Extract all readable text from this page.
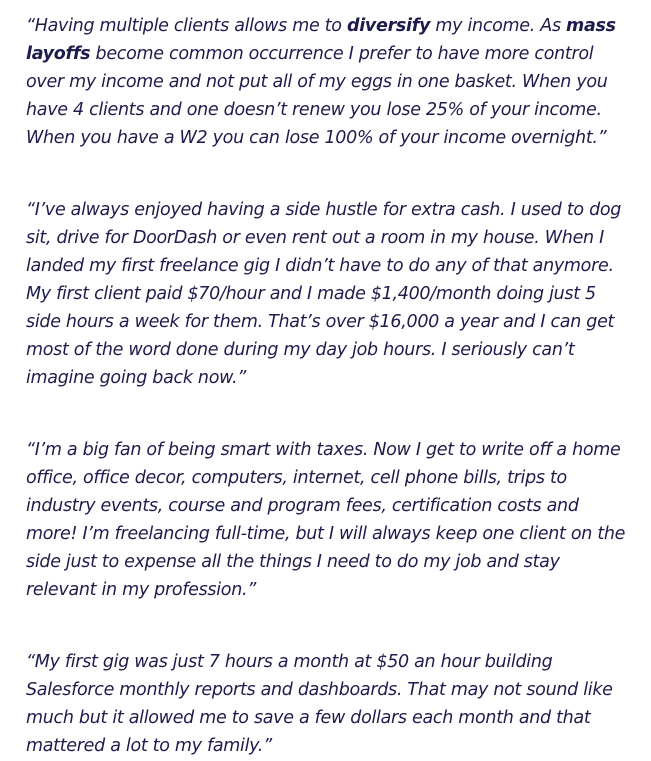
“Having multiple clients allows me to diversify my income. As mass layoffs become common occurrence I prefer to have more control over my income and not put all of my eggs in one basket. When you have 4 clients and one doesn’t renew you lose 25% of your income. When you have a W2 you can lose 100% of your income overnight.”

“I’ve always enjoyed having a side hustle for extra cash. I used to dog sit, drive for DoorDash or even rent out a room in my house. When I landed my first freelance gig I didn’t have to do any of that anymore. My first client paid $70/hour and I made $1,400/month doing just 5 side hours a week for them. That’s over $16,000 a year and I can get most of the word done during my day job hours. I seriously can’t imagine going back now.”

“I’m a big fan of being smart with taxes. Now I get to write off a home office, office decor, computers, internet, cell phone bills, trips to industry events, course and program fees, certification costs and more! I’m freelancing full-time, but I will always keep one client on the side just to expense all the things I need to do my job and stay relevant in my profession.”

“My first gig was just 7 hours a month at $50 an hour building Salesforce monthly reports and dashboards. That may not sound like much but it allowed me to save a few dollars each month and that mattered a lot to my family.”
